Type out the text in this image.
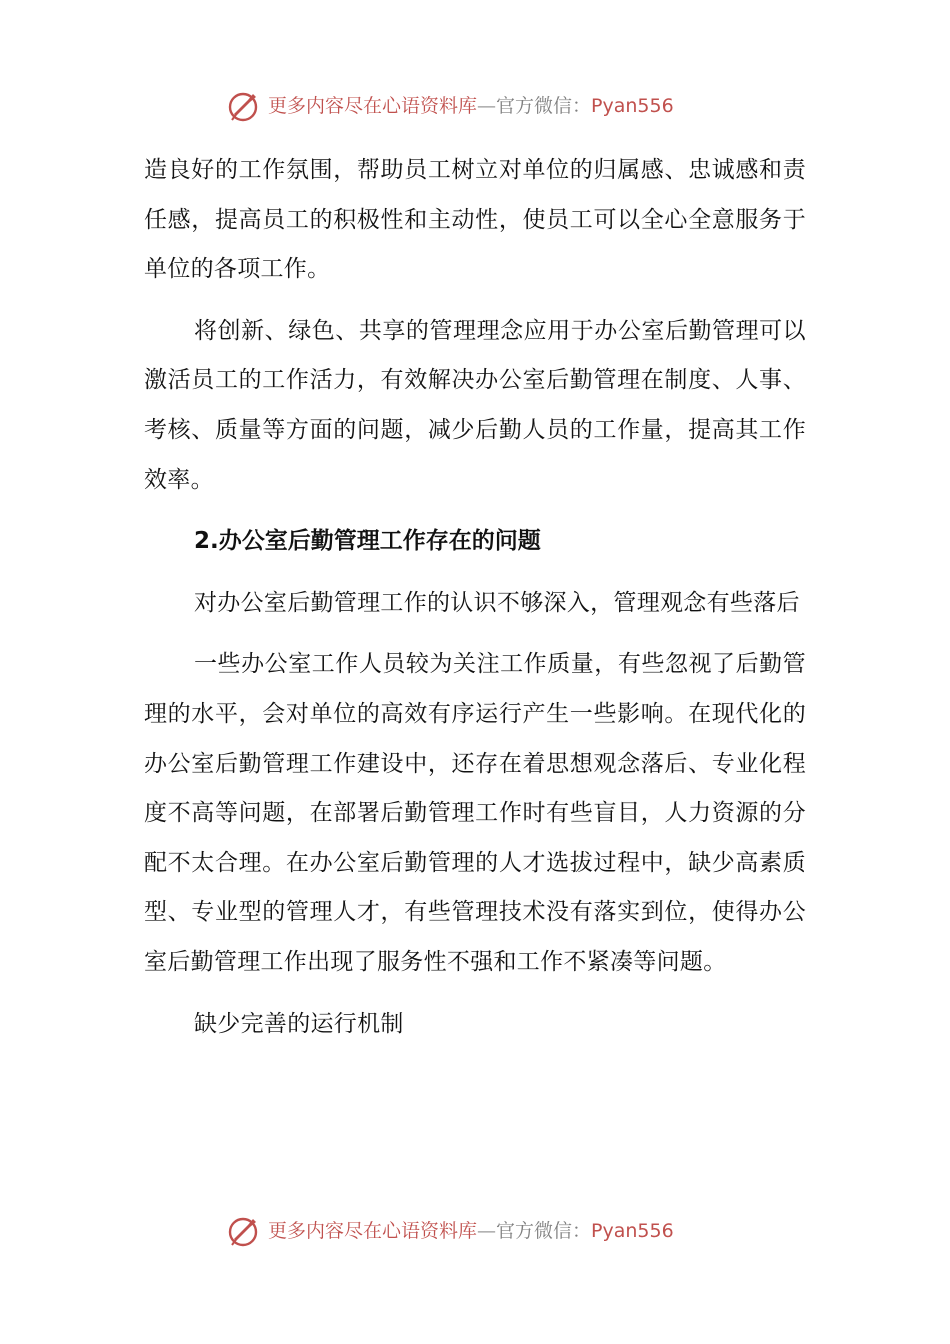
更多内容尽在心语资料库—官方微信：Pyan556

造良好的工作氛围，帮助员工树立对单位的归属感、忠诚感和责任感，提高员工的积极性和主动性，使员工可以全心全意服务于单位的各项工作。

将创新、绿色、共享的管理理念应用于办公室后勤管理可以激活员工的工作活力，有效解决办公室后勤管理在制度、人事、考核、质量等方面的问题，减少后勤人员的工作量，提高其工作效率。

2.办公室后勤管理工作存在的问题

对办公室后勤管理工作的认识不够深入，管理观念有些落后

一些办公室工作人员较为关注工作质量，有些忽视了后勤管理的水平，会对单位的高效有序运行产生一些影响。在现代化的办公室后勤管理工作建设中，还存在着思想观念落后、专业化程度不高等问题，在部署后勤管理工作时有些盲目，人力资源的分配不太合理。在办公室后勤管理的人才选拔过程中，缺少高素质型、专业型的管理人才，有些管理技术没有落实到位，使得办公室后勤管理工作出现了服务性不强和工作不紧凑等问题。

缺少完善的运行机制

更多内容尽在心语资料库—官方微信：Pyan556
